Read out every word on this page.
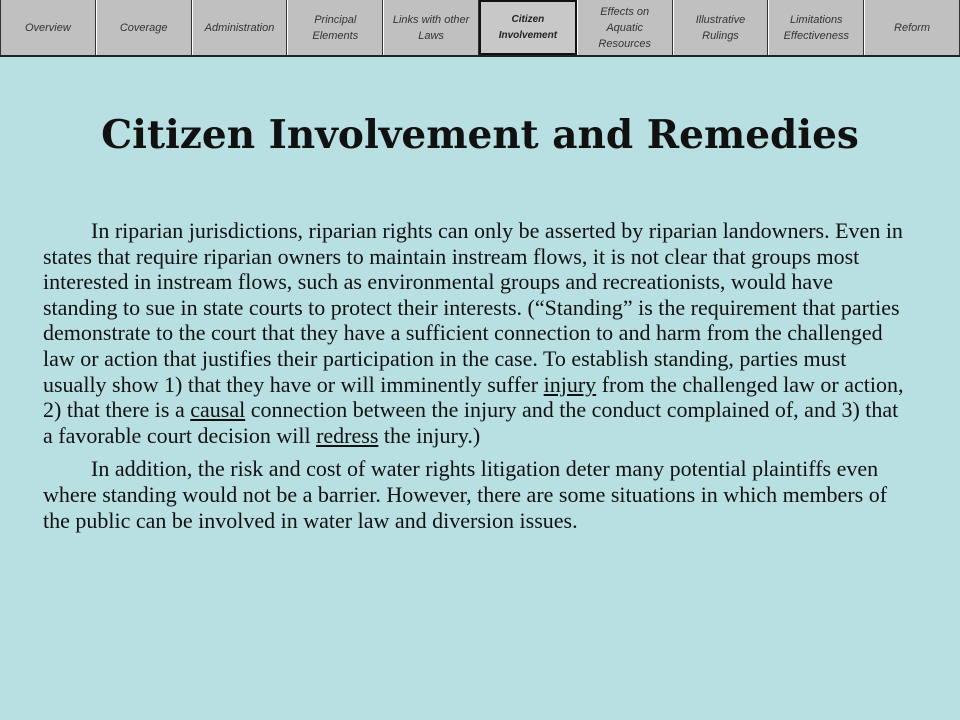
Overview	Coverage	Administration
Principal Elements
Links with other Laws
Citizen Involvement
Effects on Aquatic Resources
Illustrative Rulings
Limitations Effectiveness
Reform
Citizen Involvement and Remedies

In riparian jurisdictions, riparian rights can only be asserted by riparian landowners. Even in states that require riparian owners to maintain instream flows, it is not clear that groups most interested in instream flows, such as environmental groups and recreationists, would have standing to sue in state courts to protect their interests. (“Standing” is the requirement that parties demonstrate to the court that they have a sufficient connection to and harm from the challenged law or action that justifies their participation in the case. To establish standing, parties must usually show 1) that they have or will imminently suffer injury from the challenged law or action, 2) that there is a causal connection between the injury and the conduct complained of, and 3) that a favorable court decision will redress the injury.)

In addition, the risk and cost of water rights litigation deter many potential plaintiffs even where standing would not be a barrier. However, there are some situations in which members of the public can be involved in water law and diversion issues.
